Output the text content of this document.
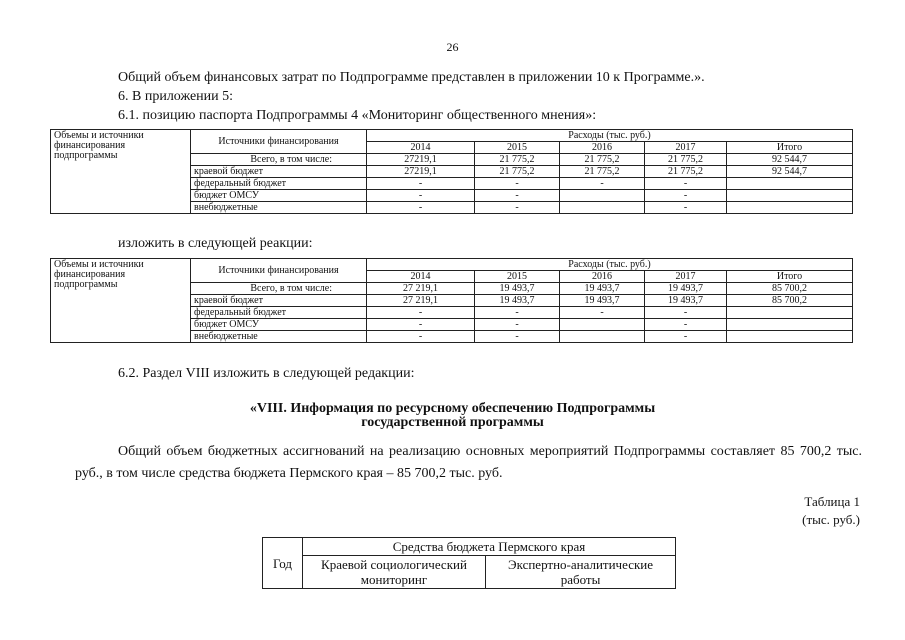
26
Общий объем финансовых затрат по Подпрограмме представлен в приложении 10 к Программе.».
6. В приложении 5:
6.1. позицию паспорта Подпрограммы 4 «Мониторинг общественного мнения»:
Объемы и источники финансирования подпрограммы	Источники финансирования	Расходы (тыс. руб.)				
		2014	2015	2016	2017	Итого
	Всего, в том числе:	27219,1	21 775,2	21 775,2	21 775,2	92 544,7
	краевой бюджет	27219,1	21 775,2	21 775,2	21 775,2	92 544,7
	федеральный бюджет	-	-	-	-	
	бюджет ОМСУ	-	-		-	
	внебюджетные	-	-		-	
изложить в следующей реакции:
Объемы и источники финансирования подпрограммы	Источники финансирования	Расходы (тыс. руб.)				
		2014	2015	2016	2017	Итого
	Всего, в том числе:	27 219,1	19 493,7	19 493,7	19 493,7	85 700,2
	краевой бюджет	27 219,1	19 493,7	19 493,7	19 493,7	85 700,2
	федеральный бюджет	-	-	-	-	
	бюджет ОМСУ	-	-		-	
	внебюджетные	-	-		-	
6.2. Раздел VIII изложить в следующей редакции:
«VIII. Информация по ресурсному обеспечению Подпрограммы
государственной программы
Общий объем бюджетных ассигнований на реализацию основных мероприятий Подпрограммы составляет 85 700,2 тыс. руб., в том числе средства бюджета Пермского края – 85 700,2 тыс. руб.
Таблица 1
(тыс. руб.)
Год	Средства бюджета Пермского края	
	Краевой социологический мониторинг	Экспертно-аналитические работы
